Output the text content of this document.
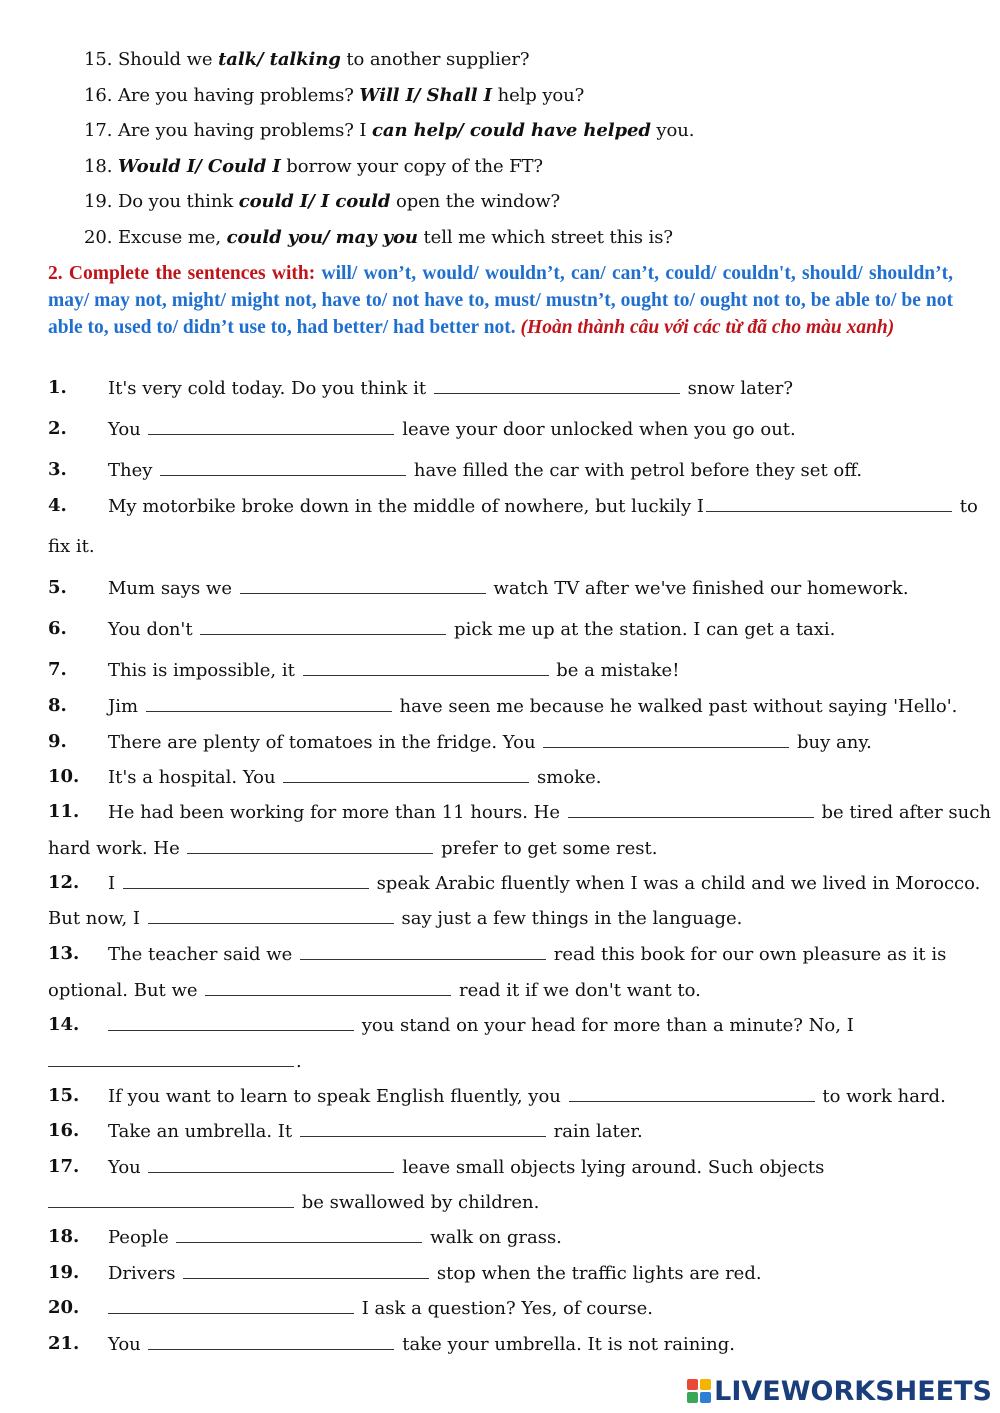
15. Should we talk/ talking to another supplier?
16. Are you having problems? Will I/ Shall I help you?
17. Are you having problems? I can help/ could have helped you.
18. Would I/ Could I borrow your copy of the FT?
19. Do you think could I/ I could open the window?
20. Excuse me, could you/ may you tell me which street this is?
2. Complete the sentences with: will/ won’t, would/ wouldn’t, can/ can’t, could/ couldn't, should/ shouldn’t, may/ may not, might/ might not, have to/ not have to, must/ mustn’t, ought to/ ought not to, be able to/ be not able to, used to/ didn’t use to, had better/ had better not. (Hoàn thành câu với các từ đã cho màu xanh)
1. It's very cold today. Do you think it	snow later?
2. You	leave your door unlocked when you go out.
3. They	have filled the car with petrol before they set off.
4. My motorbike broke down in the middle of nowhere, but luckily I	to
fix it.
5. Mum says we	watch TV after we've finished our homework.
6. You don't	pick me up at the station. I can get a taxi.
7. This is impossible, it	be a mistake!
8. Jim	have seen me because he walked past without saying 'Hello'.
9. There are plenty of tomatoes in the fridge. You	buy any.
10. It's a hospital. You	smoke.
11. He had been working for more than 11 hours. He	be tired after such
hard work. He	prefer to get some rest.
12. I	speak Arabic fluently when I was a child and we lived in Morocco.
But now, I	say just a few things in the language.
13. The teacher said we	read this book for our own pleasure as it is
optional. But we	read it if we don't want to.
14.	you stand on your head for more than a minute? No, I
.
15. If you want to learn to speak English fluently, you	to work hard.
16. Take an umbrella. It	rain later.
17. You	leave small objects lying around. Such objects
be swallowed by children.
18. People	walk on grass.
19. Drivers	stop when the traffic lights are red.
20.	I ask a question? Yes, of course.
21. You	take your umbrella. It is not raining.
LIVEWORKSHEETS
